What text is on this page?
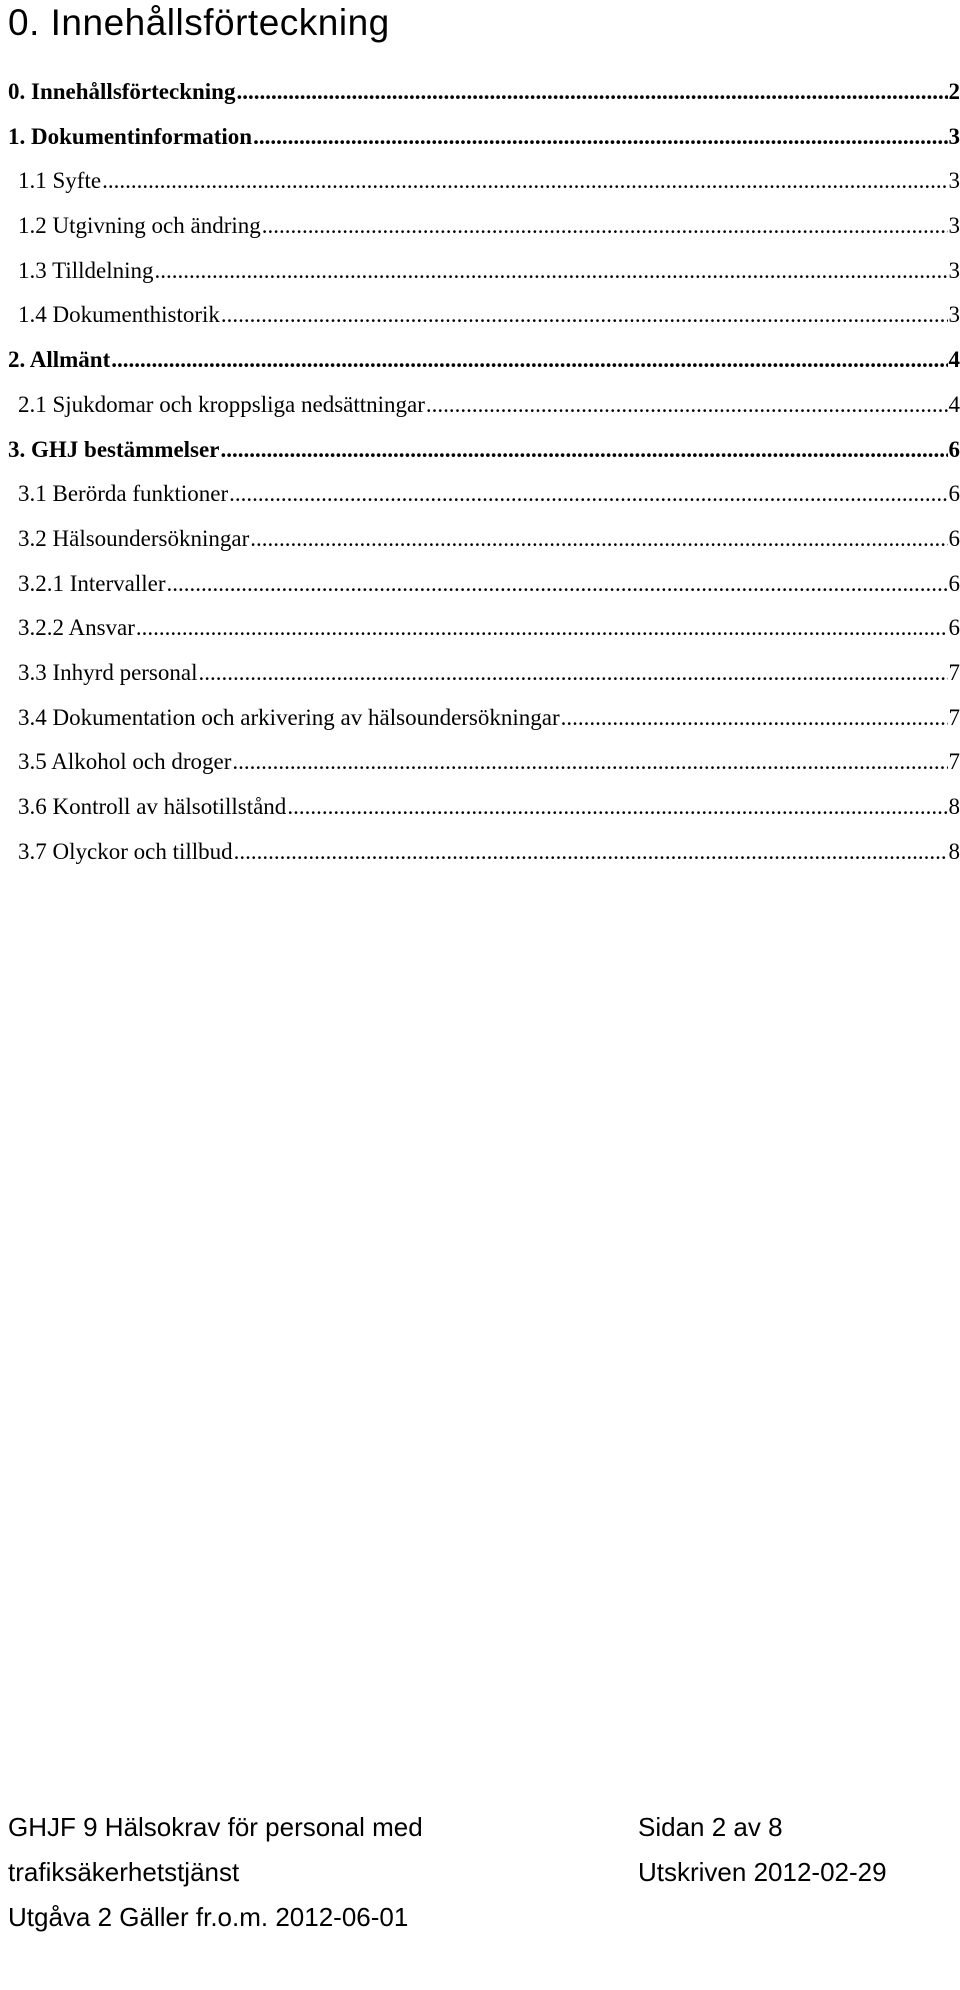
0. Innehållsförteckning
0. Innehållsförteckning .....	2
1. Dokumentinformation .....	3
1.1 Syfte .....	3
1.2 Utgivning och ändring .....	3
1.3 Tilldelning .....	3
1.4 Dokumenthistorik .....	3
2. Allmänt .....	4
2.1 Sjukdomar och kroppsliga nedsättningar .....	4
3. GHJ bestämmelser .....	6
3.1 Berörda funktioner .....	6
3.2 Hälsoundersökningar .....	6
3.2.1 Intervaller .....	6
3.2.2 Ansvar .....	6
3.3 Inhyrd personal .....	7
3.4 Dokumentation och arkivering av hälsoundersökningar .....	7
3.5 Alkohol och droger .....	7
3.6 Kontroll av hälsotillstånd .....	8
3.7 Olyckor och tillbud .....	8
GHJF 9 Hälsokrav för personal med	Sidan 2 av 8
trafiksäkerhetstjänst	Utskriven 2012-02-29
Utgåva 2 Gäller fr.o.m. 2012-06-01
